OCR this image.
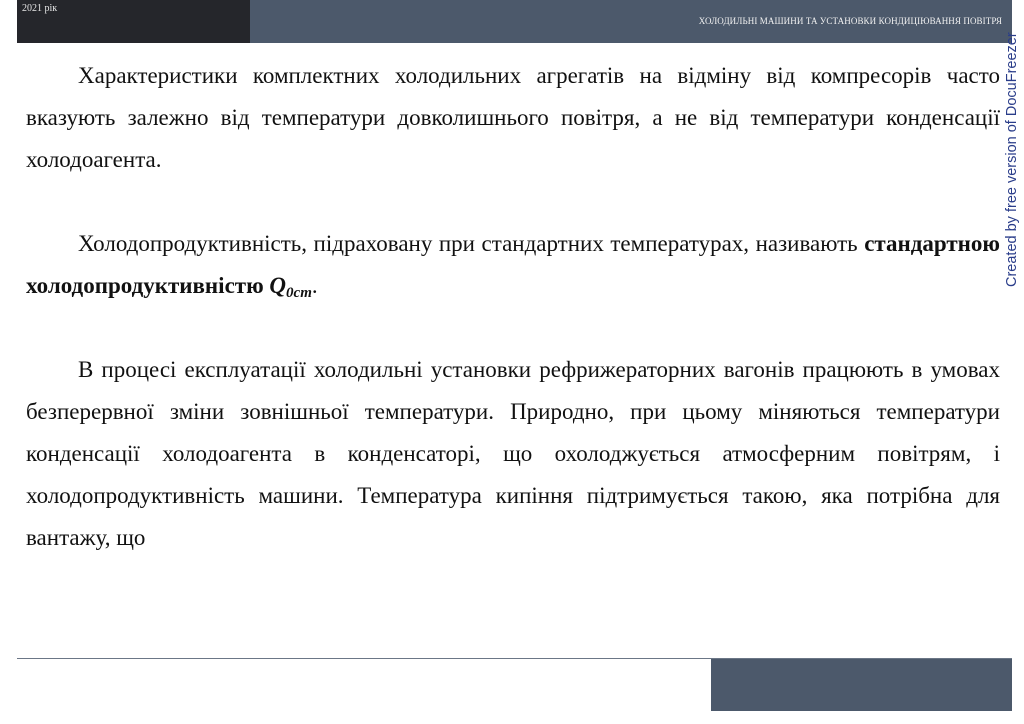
2021 рік
ХОЛОДИЛЬНІ МАШИНИ ТА УСТАНОВКИ КОНДИЦІЮВАННЯ ПОВІТРЯ
Created by free version of DocuFreezer

Характеристики комплектних холодильних агрегатів на відміну від компресорів часто вказують залежно від температури довколишнього повітря, а не від температури конденсації холодоагента.

Холодопродуктивність, підраховану при стандартних температурах, називають стандартною холодопродуктивністю $Q_{0ст}$.

В процесі експлуатації холодильні установки рефрижераторних вагонів працюють в умовах безперервної зміни зовнішньої температури. Природно, при цьому міняються температури конденсації холодоагента в конденсаторі, що охолоджується атмосферним повітрям, і холодопродуктивність машини. Температура кипіння підтримується такою, яка потрібна для вантажу, що
